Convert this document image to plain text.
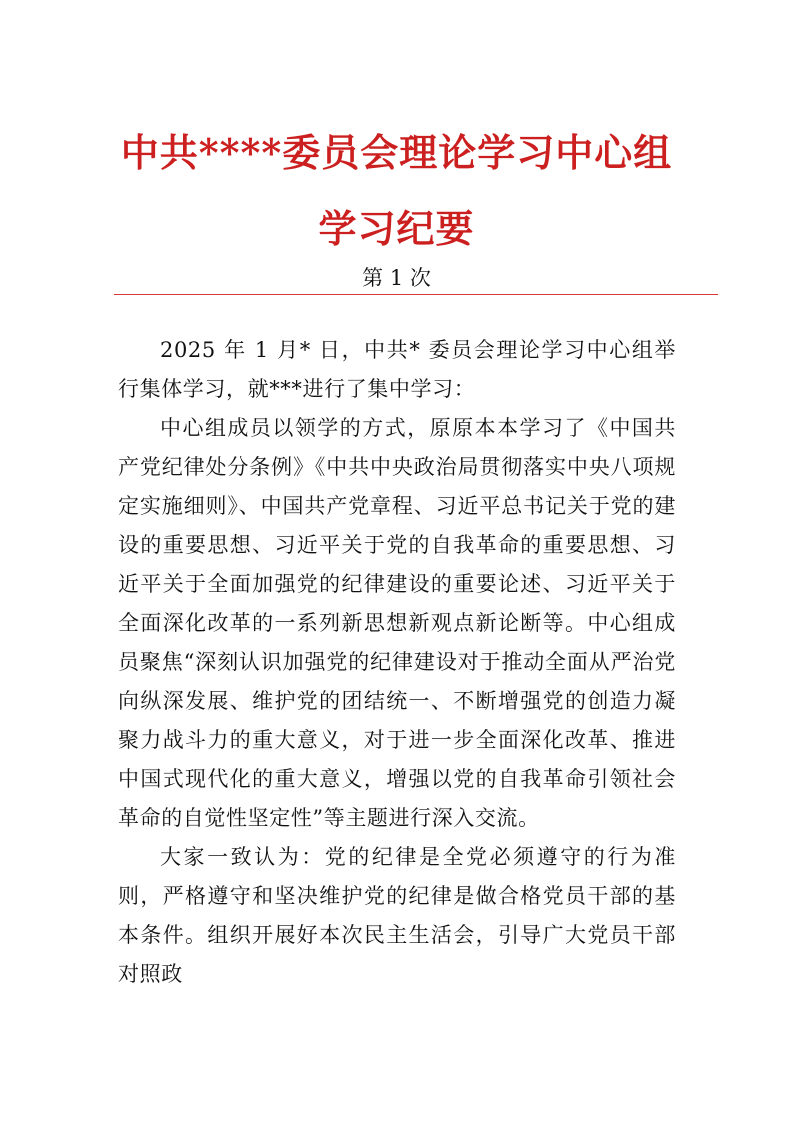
中共****委员会理论学习中心组
学习纪要
第 1 次

2025 年 1 月* 日，中共* 委员会理论学习中心组举行集体学习，就***进行了集中学习：

中心组成员以领学的方式，原原本本学习了《中国共产党纪律处分条例》《中共中央政治局贯彻落实中央八项规定实施细则》、中国共产党章程、习近平总书记关于党的建设的重要思想、习近平关于党的自我革命的重要思想、习近平关于全面加强党的纪律建设的重要论述、习近平关于全面深化改革的一系列新思想新观点新论断等。中心组成员聚焦“深刻认识加强党的纪律建设对于推动全面从严治党向纵深发展、维护党的团结统一、不断增强党的创造力凝聚力战斗力的重大意义，对于进一步全面深化改革、推进中国式现代化的重大意义，增强以党的自我革命引领社会革命的自觉性坚定性”等主题进行深入交流。

大家一致认为：党的纪律是全党必须遵守的行为准则，严格遵守和坚决维护党的纪律是做合格党员干部的基本条件。组织开展好本次民主生活会，引导广大党员干部对照政
